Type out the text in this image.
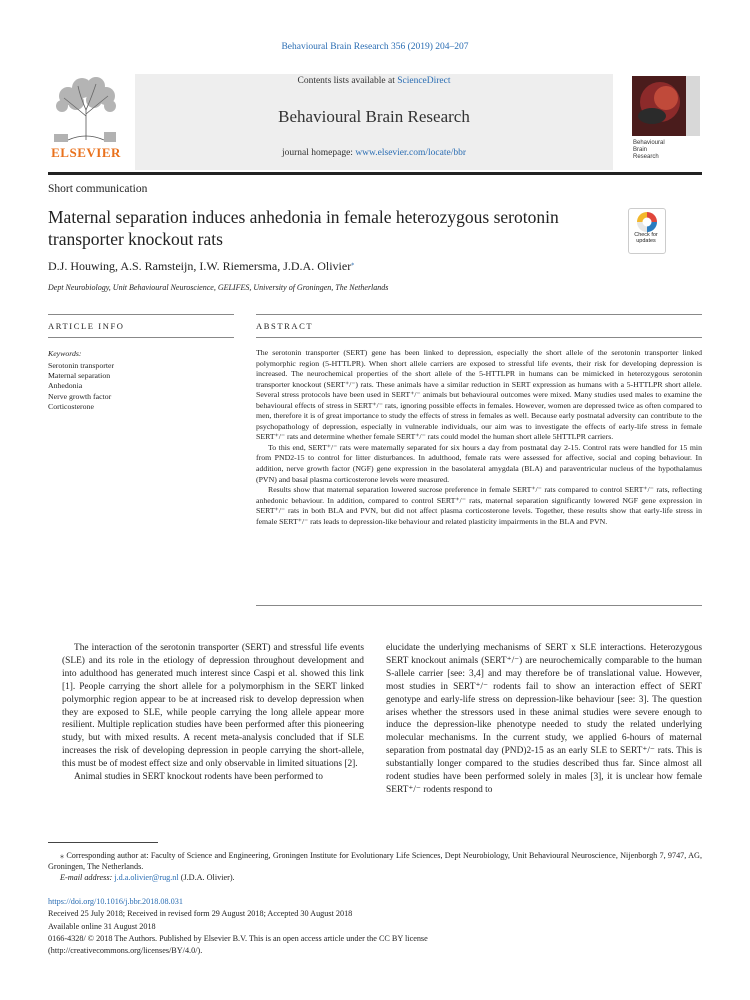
Behavioural Brain Research 356 (2019) 204–207
Contents lists available at ScienceDirect
Behavioural Brain Research
journal homepage: www.elsevier.com/locate/bbr
ELSEVIER
Behavioural
Brain
Research
Short communication
Maternal separation induces anhedonia in female heterozygous serotonin transporter knockout rats	Check for updates
D.J. Houwing, A.S. Ramsteijn, I.W. Riemersma, J.D.A. Olivier⁎
Dept Neurobiology, Unit Behavioural Neuroscience, GELIFES, University of Groningen, The Netherlands
ARTICLE INFO	ABSTRACT
Keywords:
Serotonin transporter
Maternal separation
Anhedonia
Nerve growth factor
Corticosterone

The serotonin transporter (SERT) gene has been linked to depression, especially the short allele of the serotonin transporter linked polymorphic region (5-HTTLPR). When short allele carriers are exposed to stressful life events, their risk for developing depression is increased. The neurochemical properties of the short allele of the 5-HTTLPR in humans can be mimicked in heterozygous serotonin transporter knockout (SERT⁺/⁻) rats. These animals have a similar reduction in SERT expression as humans with a 5-HTTLPR short allele. Several stress protocols have been used in SERT⁺/⁻ animals but behavioural outcomes were mixed. Many studies used males to examine the behavioural effects of stress in SERT⁺/⁻ rats, ignoring possible effects in females. However, women are depressed twice as often compared to men, therefore it is of great importance to study the effects of stress in females as well. Because early postnatal adversity can contribute to the psychopathology of depression, especially in vulnerable individuals, our aim was to investigate the effects of early-life stress in female SERT⁺/⁻ rats and determine whether female SERT⁺/⁻ rats could model the human short allele 5HTTLPR carriers.

To this end, SERT⁺/⁻ rats were maternally separated for six hours a day from postnatal day 2-15. Control rats were handled for 15 min from PND2-15 to control for litter disturbances. In adulthood, female rats were assessed for affective, social and coping behaviour. In addition, nerve growth factor (NGF) gene expression in the basolateral amygdala (BLA) and paraventricular nucleus of the hypothalamus (PVN) and basal plasma corticosterone levels were measured.

Results show that maternal separation lowered sucrose preference in female SERT⁺/⁻ rats compared to control SERT⁺/⁻ rats, reflecting anhedonic behaviour. In addition, compared to control SERT⁺/⁻ rats, maternal separation significantly lowered NGF gene expression in SERT⁺/⁻ rats in both BLA and PVN, but did not affect plasma corticosterone levels. Together, these results show that early-life stress in female SERT⁺/⁻ rats leads to depression-like behaviour and related plasticity impairments in the BLA and PVN.

The interaction of the serotonin transporter (SERT) and stressful life events (SLE) and its role in the etiology of depression throughout development and into adulthood has generated much interest since Caspi et al. showed this link [1]. People carrying the short allele for a polymorphism in the SERT linked polymorphic region appear to be at increased risk to develop depression when they are exposed to SLE, while people carrying the long allele appear more resilient. Multiple replication studies have been performed after this pioneering study, but with mixed results. A recent meta-analysis concluded that if SLE increases the risk of developing depression in people carrying the short-allele, this must be of modest effect size and only observable in limited situations [2].

Animal studies in SERT knockout rodents have been performed to

elucidate the underlying mechanisms of SERT x SLE interactions. Heterozygous SERT knockout animals (SERT⁺/⁻) are neurochemically comparable to the human S-allele carrier [see: 3,4] and may therefore be of translational value. However, most studies in SERT⁺/⁻ rodents fail to show an interaction effect of SERT genotype and early-life stress on depression-like behaviour [see: 3]. The question arises whether the stressors used in these animal studies were severe enough to induce the depression-like phenotype needed to study the related underlying molecular mechanisms. In the current study, we applied 6-hours of maternal separation from postnatal day (PND)2-15 as an early SLE to SERT⁺/⁻ rats. This is substantially longer compared to the studies described thus far. Since almost all rodent studies have been performed solely in males [3], it is unclear how female SERT⁺/⁻ rodents respond to

⁎ Corresponding author at: Faculty of Science and Engineering, Groningen Institute for Evolutionary Life Sciences, Dept Neurobiology, Unit Behavioural Neuroscience, Nijenborgh 7, 9747, AG, Groningen, The Netherlands.

E-mail address: j.d.a.olivier@rug.nl (J.D.A. Olivier).

https://doi.org/10.1016/j.bbr.2018.08.031
Received 25 July 2018; Received in revised form 29 August 2018; Accepted 30 August 2018
Available online 31 August 2018
0166-4328/ © 2018 The Authors. Published by Elsevier B.V. This is an open access article under the CC BY license
(http://creativecommons.org/licenses/BY/4.0/).
